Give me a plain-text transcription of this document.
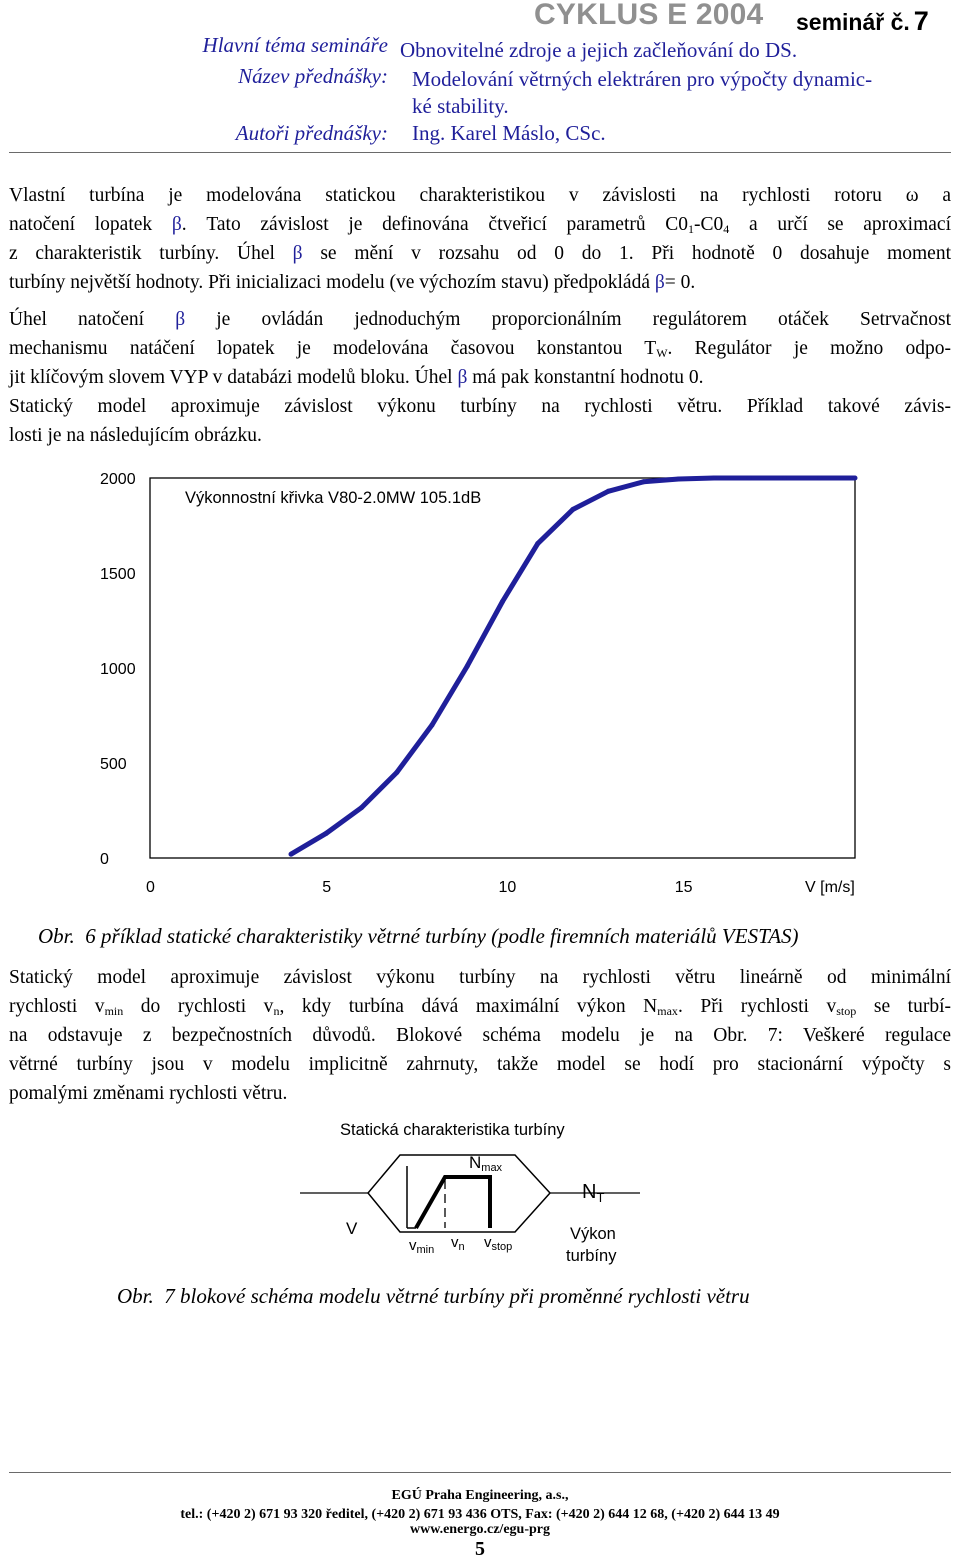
CYKLUS E 2004 seminář č. 7
Hlavní téma semináře Obnovitelné zdroje a jejich začleňování do DS.
Název přednášky: Modelování větrných elektráren pro výpočty dynamic-
ké stability.
Autoři přednášky: Ing. Karel Máslo, CSc.
Vlastní turbína je modelována statickou charakteristikou v závislosti na rychlosti rotoru ω a
natočení lopatek β. Tato závislost je definována čtveřicí parametrů $C0_1-C0_4$ a určí se aproximací
z charakteristik turbíny. Úhel β se mění v rozsahu od 0 do 1. Při hodnotě 0 dosahuje moment
turbíny největší hodnoty. Při inicializaci modelu (ve výchozím stavu) předpokládá β= 0.
Úhel natočení β je ovládán jednoduchým proporcionálním regulátorem otáček Setrvačnost
mechanismu natáčení lopatek je modelována časovou konstantou $T_W$. Regulátor je možno odpo-
jit klíčovým slovem VYP v databázi modelů bloku. Úhel β má pak konstantní hodnotu 0.
Statický model aproximuje závislost výkonu turbíny na rychlosti větru. Příklad takové závis-
losti je na následujícím obrázku.
0
500
1000
1500
2000
0	5	10	15	V [m/s]
Výkonnostní křivka V80-2.0MW 105.1dB
Obr. 6 příklad statické charakteristiky větrné turbíny (podle firemních materiálů VESTAS)
Statický model aproximuje závislost výkonu turbíny na rychlosti větru lineárně od minimální
rychlosti $v_{min}$ do rychlosti $v_n$, kdy turbína dává maximální výkon $N_{max}$. Při rychlosti $v_{stop}$ se turbí-
na odstavuje z bezpečnostních důvodů. Blokové schéma modelu je na Obr. 7: Veškeré regulace
větrné turbíny jsou v modelu implicitně zahrnuty, takže model se hodí pro stacionární výpočty s
pomalými změnami rychlosti větru.
Statická charakteristika turbíny
Nmax
V
$v_{min}$ $v_n$ $v_{stop}$
$N_T$
Výkon
turbíny
Obr. 7 blokové schéma modelu větrné turbíny při proměnné rychlosti větru
EGÚ Praha Engineering, a.s.,
tel.: (+420 2) 671 93 320 ředitel, (+420 2) 671 93 436 OTS, Fax: (+420 2) 644 12 68, (+420 2) 644 13 49
www.energo.cz/egu-prg
5
